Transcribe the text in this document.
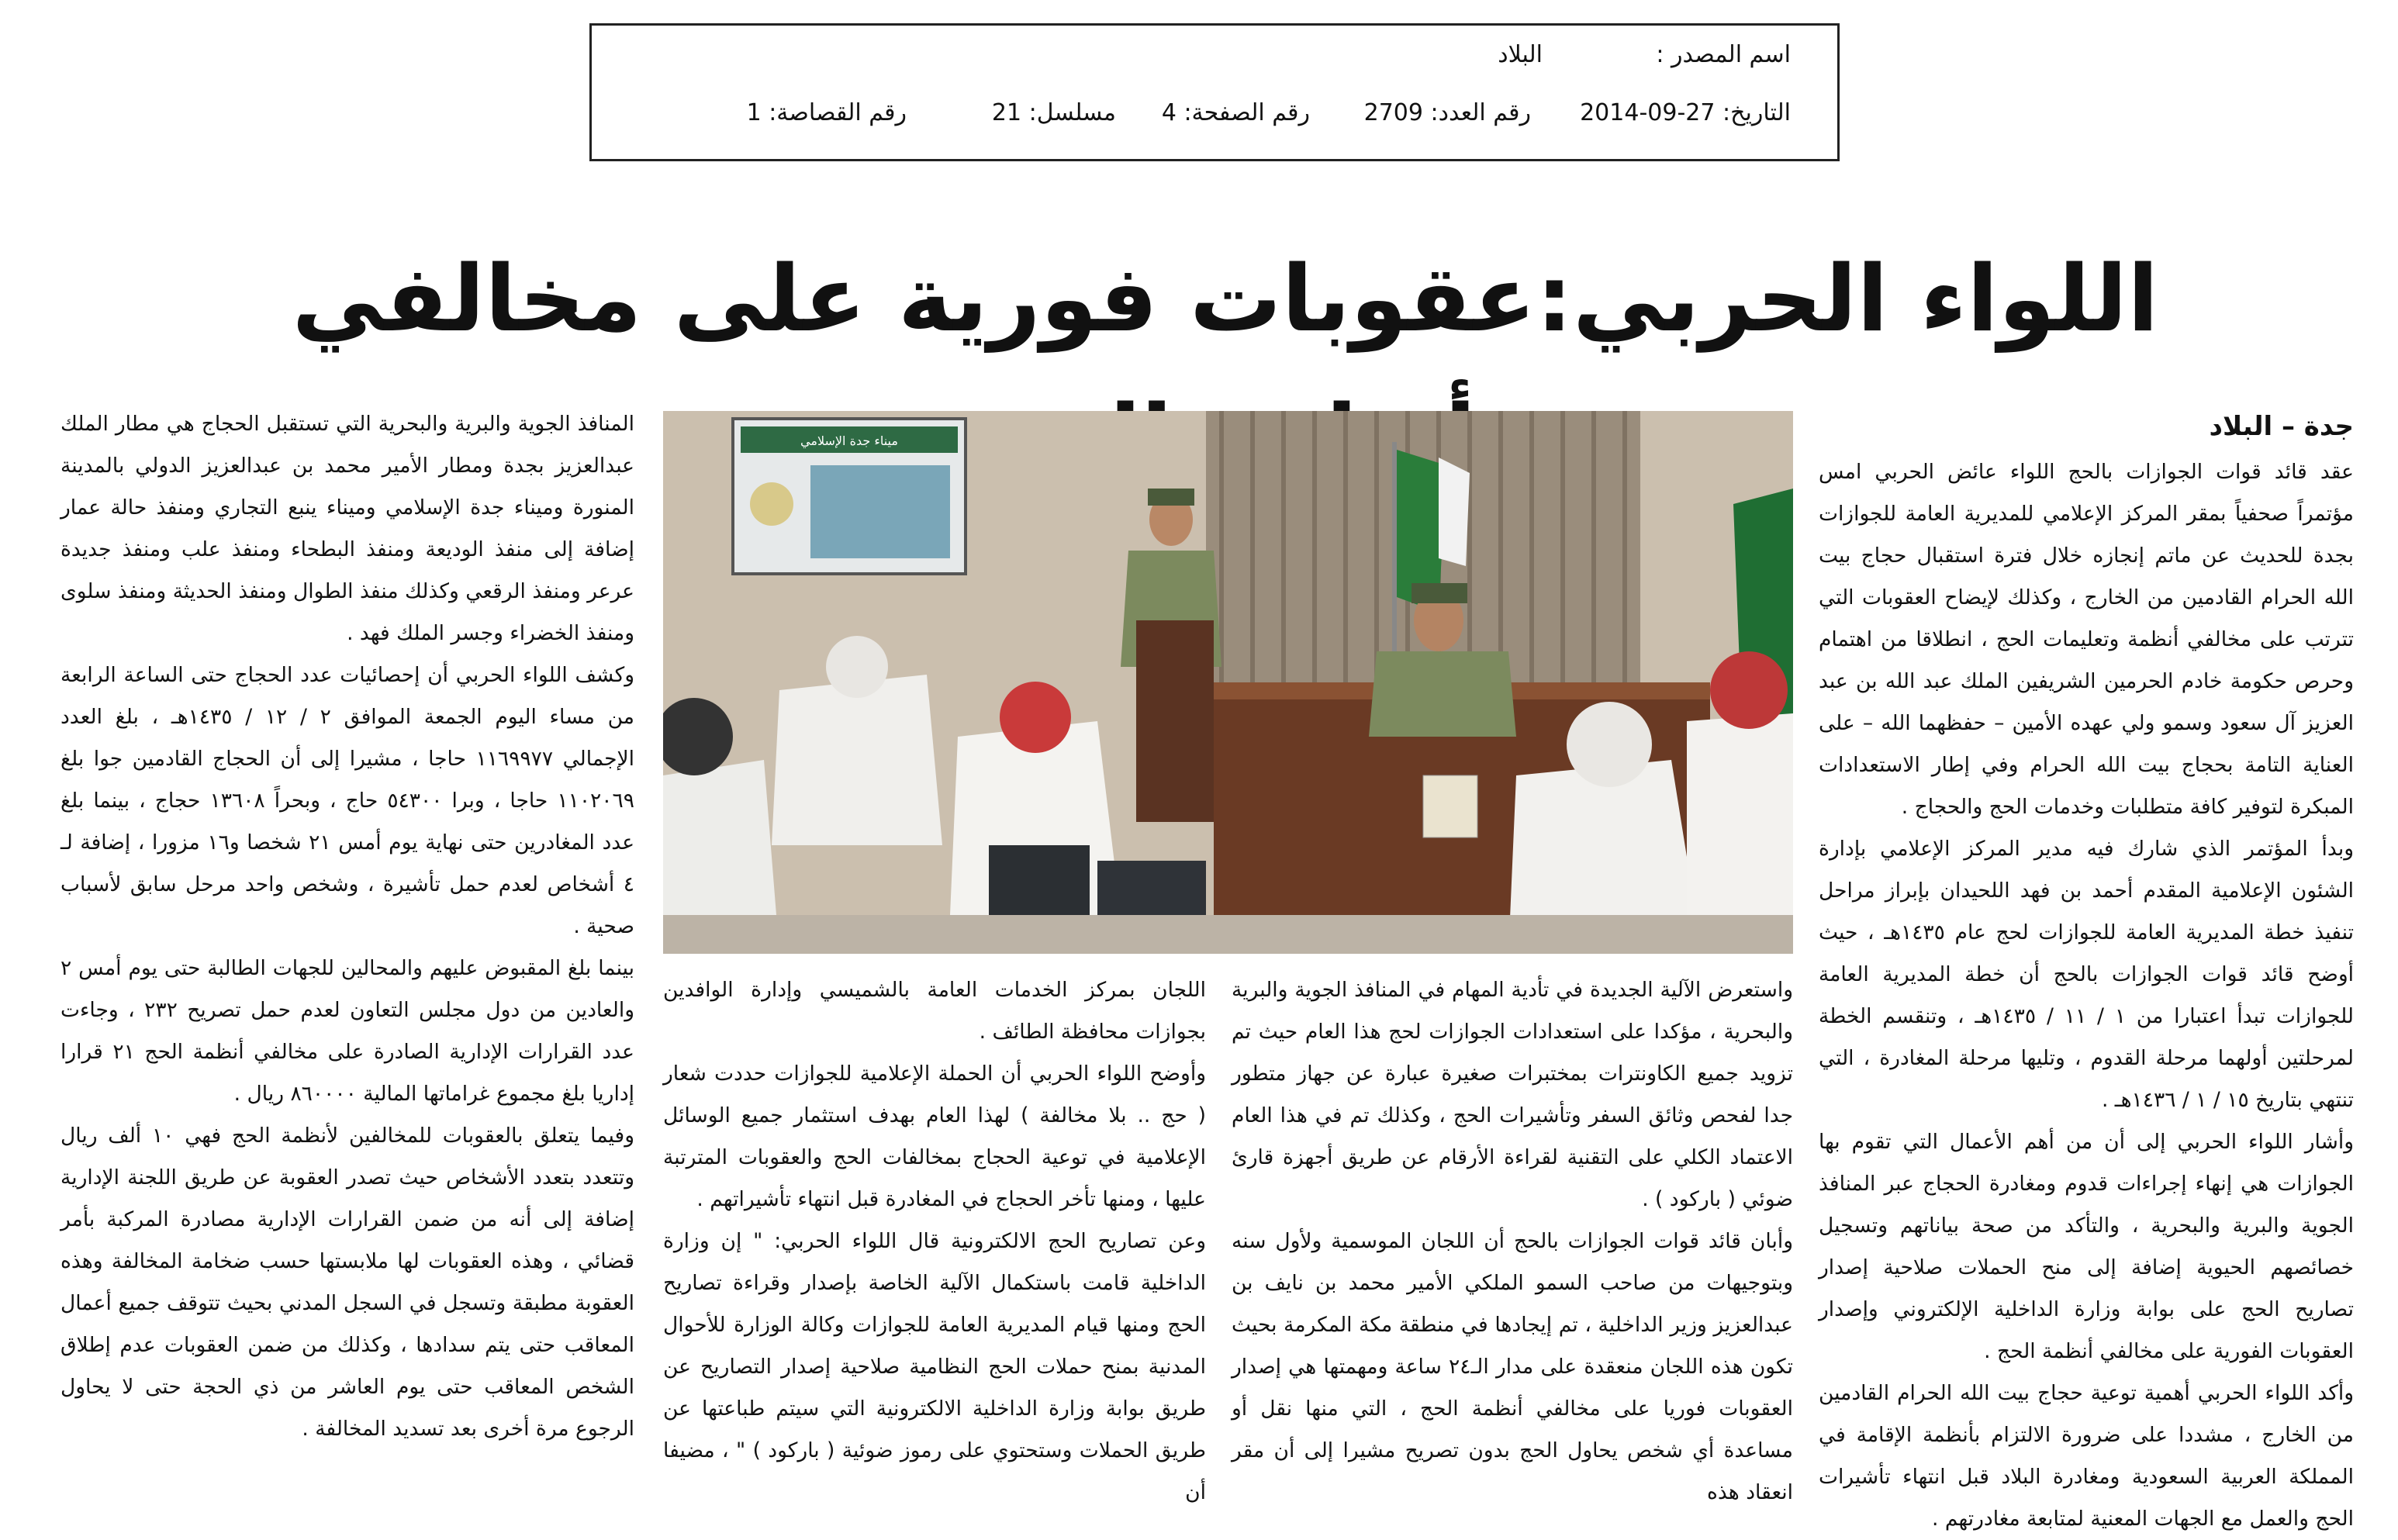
اسم المصدر :
البلاد
التاريخ: 27-09-2014
رقم العدد: 2709
رقم الصفحة: 4
مسلسل: 21
رقم القصاصة: 1
اللواء الحربي:عقوبات فورية على مخالفي
جدة – البلاد

عقد قائد قوات الجوازات بالحج اللواء عائض الحربي امس مؤتمراً صحفياً بمقر المركز الإعلامي للمديرية العامة للجوازات بجدة للحديث عن ماتم إنجازه خلال فترة استقبال حجاج بيت الله الحرام القادمين من الخارج ، وكذلك لإيضاح العقوبات التي تترتب على مخالفي أنظمة وتعليمات الحج ، انطلاقا من اهتمام وحرص حكومة خادم الحرمين الشريفين الملك عبد الله بن عبد العزيز آل سعود وسمو ولي عهده الأمين – حفظهما الله – على العناية التامة بحجاج بيت الله الحرام وفي إطار الاستعدادات المبكرة لتوفير كافة متطلبات وخدمات الحج والحجاج .

وبدأ المؤتمر الذي شارك فيه مدير المركز الإعلامي بإدارة الشئون الإعلامية المقدم أحمد بن فهد اللحيدان بإبراز مراحل تنفيذ خطة المديرية العامة للجوازات لحج عام ١٤٣٥هـ ، حيث أوضح قائد قوات الجوازات بالحج أن خطة المديرية العامة للجوازات تبدأ اعتبارا من ١ / ١١ / ١٤٣٥هـ ، وتنقسم الخطة لمرحلتين أولهما مرحلة القدوم ، وتليها مرحلة المغادرة ، التي تنتهي بتاريخ ١٥ / ١ / ١٤٣٦هـ .

وأشار اللواء الحربي إلى أن من أهم الأعمال التي تقوم بها الجوازات هي إنهاء إجراءات قدوم ومغادرة الحجاج عبر المنافذ الجوية والبرية والبحرية ، والتأكد من صحة بياناتهم وتسجيل خصائصهم الحيوية إضافة إلى منح الحملات صلاحية إصدار تصاريح الحج على بوابة وزارة الداخلية الإلكتروني وإصدار العقوبات الفورية على مخالفي أنظمة الحج .

وأكد اللواء الحربي أهمية توعية حجاج بيت الله الحرام القادمين من الخارج ، مشددا على ضرورة الالتزام بأنظمة الإقامة في المملكة العربية السعودية ومغادرة البلاد قبل انتهاء تأشيرات الحج والعمل مع الجهات المعنية لمتابعة مغادرتهم .

ميناء جدة الإسلامي

واستعرض الآلية الجديدة في تأدية المهام في المنافذ الجوية والبرية والبحرية ، مؤكدا على استعدادات الجوازات لحج هذا العام حيث تم تزويد جميع الكاونترات بمختبرات صغيرة عبارة عن جهاز متطور جدا لفحص وثائق السفر وتأشيرات الحج ، وكذلك تم في هذا العام الاعتماد الكلي على التقنية لقراءة الأرقام عن طريق أجهزة قارئ ضوئي ( باركود ) .

وأبان قائد قوات الجوازات بالحج أن اللجان الموسمية ولأول سنه وبتوجيهات من صاحب السمو الملكي الأمير محمد بن نايف بن عبدالعزيز وزير الداخلية ، تم إيجادها في منطقة مكة المكرمة بحيث تكون هذه اللجان منعقدة على مدار الـ٢٤ ساعة ومهمتها هي إصدار العقوبات فوريا على مخالفي أنظمة الحج ، التي منها نقل أو مساعدة أي شخص يحاول الحج بدون تصريح مشيرا إلى أن مقر انعقاد هذه

اللجان بمركز الخدمات العامة بالشميسي وإدارة الوافدين بجوازات محافظة الطائف .

وأوضح اللواء الحربي أن الحملة الإعلامية للجوازات حددت شعار ( حج .. بلا مخالفة ) لهذا العام بهدف استثمار جميع الوسائل الإعلامية في توعية الحجاج بمخالفات الحج والعقوبات المترتبة عليها ، ومنها تأخر الحجاج في المغادرة قبل انتهاء تأشيراتهم .

وعن تصاريح الحج الالكترونية قال اللواء الحربي: " إن وزارة الداخلية قامت باستكمال الآلية الخاصة بإصدار وقراءة تصاريح الحج ومنها قيام المديرية العامة للجوازات وكالة الوزارة للأحوال المدنية بمنح حملات الحج النظامية صلاحية إصدار التصاريح عن طريق بوابة وزارة الداخلية الالكترونية التي سيتم طباعتها عن طريق الحملات وستحتوي على رموز ضوئية ( باركود ) " ، مضيفا أن

المنافذ الجوية والبرية والبحرية التي تستقبل الحجاج هي مطار الملك عبدالعزيز بجدة ومطار الأمير محمد بن عبدالعزيز الدولي بالمدينة المنورة وميناء جدة الإسلامي وميناء ينبع التجاري ومنفذ حالة عمار إضافة إلى منفذ الوديعة ومنفذ البطحاء ومنفذ علب ومنفذ جديدة عرعر ومنفذ الرقعي وكذلك منفذ الطوال ومنفذ الحديثة ومنفذ سلوى ومنفذ الخضراء وجسر الملك فهد .

وكشف اللواء الحربي أن إحصائيات عدد الحجاج حتى الساعة الرابعة من مساء اليوم الجمعة الموافق ٢ / ١٢ / ١٤٣٥هـ ، بلغ العدد الإجمالي ١١٦٩٩٧٧ حاجا ، مشيرا إلى أن الحجاج القادمين جوا بلغ ١١٠٢٠٦٩ حاجا ، وبرا ٥٤٣٠٠ حاج ، وبحراً ١٣٦٠٨ حجاج ، بينما بلغ عدد المغادرين حتى نهاية يوم أمس ٢١ شخصا و١٦ مزورا ، إضافة لـ ٤ أشخاص لعدم حمل تأشيرة ، وشخص واحد مرحل سابق لأسباب صحية .

بينما بلغ المقبوض عليهم والمحالين للجهات الطالبة حتى يوم أمس ٢ والعادين من دول مجلس التعاون لعدم حمل تصريح ٢٣٢ ، وجاءت عدد القرارات الإدارية الصادرة على مخالفي أنظمة الحج ٢١ قرارا إداريا بلغ مجموع غراماتها المالية ٨٦٠٠٠٠ ريال .

وفيما يتعلق بالعقوبات للمخالفين لأنظمة الحج فهي ١٠ ألف ريال وتتعدد بتعدد الأشخاص حيث تصدر العقوبة عن طريق اللجنة الإدارية إضافة إلى أنه من ضمن القرارات الإدارية مصادرة المركبة بأمر قضائي ، وهذه العقوبات لها ملابستها حسب ضخامة المخالفة وهذه العقوبة مطبقة وتسجل في السجل المدني بحيث تتوقف جميع أعمال المعاقب حتى يتم سدادها ، وكذلك من ضمن العقوبات عدم إطلاق الشخص المعاقب حتى يوم العاشر من ذي الحجة حتى لا يحاول الرجوع مرة أخرى بعد تسديد المخالفة .
